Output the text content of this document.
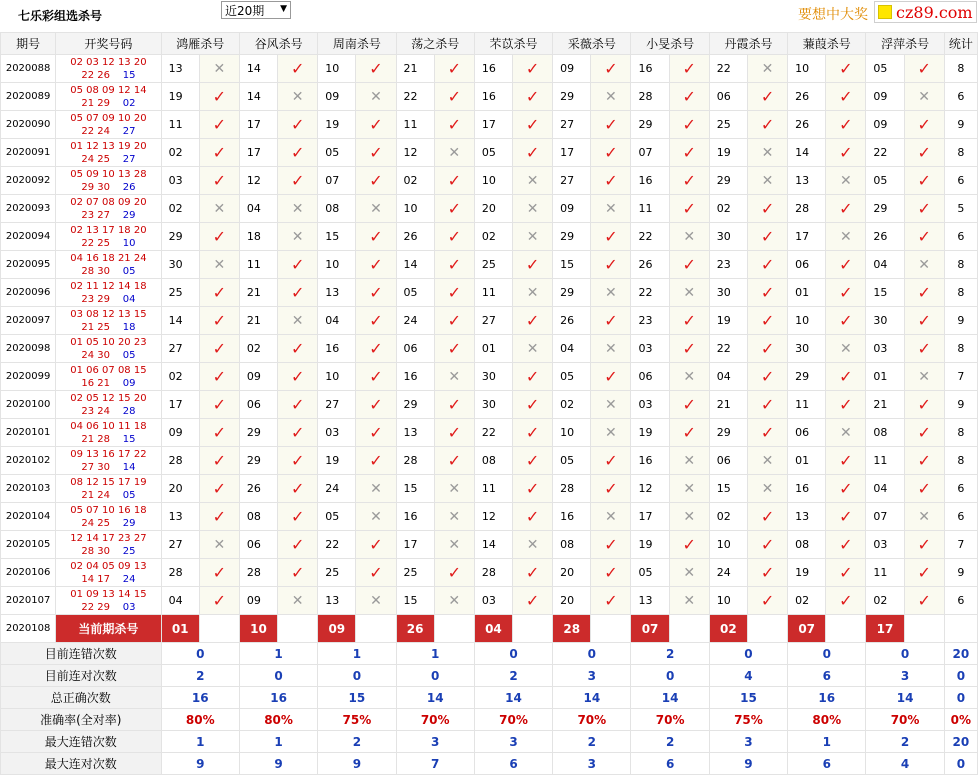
七乐彩组选杀号	近20期 ▼	要想中大奖 cz89.com
期号	开奖号码	鸿雁杀号		谷风杀号		周南杀号		荡之杀号		芣苡杀号		采薇杀号		小旻杀号		丹霞杀号		蒹葭杀号		浮萍杀号		统计
2020088	02 03 12 13 20
22 26 15	13	✕	14	✓	10	✓	21	✓	16	✓	09	✓	16	✓	22	✕	10	✓	05	✓	8
2020089	05 08 09 12 14
21 29 02	19	✓	14	✕	09	✕	22	✓	16	✓	29	✕	28	✓	06	✓	26	✓	09	✕	6
2020090	05 07 09 10 20
22 24 27	11	✓	17	✓	19	✓	11	✓	17	✓	27	✓	29	✓	25	✓	26	✓	09	✓	9
2020091	01 12 13 19 20
24 25 27	02	✓	17	✓	05	✓	12	✕	05	✓	17	✓	07	✓	19	✕	14	✓	22	✓	8
2020092	05 09 10 13 28
29 30 26	03	✓	12	✓	07	✓	02	✓	10	✕	27	✓	16	✓	29	✕	13	✕	05	✓	6
2020093	02 07 08 09 20
23 27 29	02	✕	04	✕	08	✕	10	✓	20	✕	09	✕	11	✓	02	✓	28	✓	29	✓	5
2020094	02 13 17 18 20
22 25 10	29	✓	18	✕	15	✓	26	✓	02	✕	29	✓	22	✕	30	✓	17	✕	26	✓	6
2020095	04 16 18 21 24
28 30 05	30	✕	11	✓	10	✓	14	✓	25	✓	15	✓	26	✓	23	✓	06	✓	04	✕	8
2020096	02 11 12 14 18
23 29 04	25	✓	21	✓	13	✓	05	✓	11	✕	29	✕	22	✕	30	✓	01	✓	15	✓	8
2020097	03 08 12 13 15
21 25 18	14	✓	21	✕	04	✓	24	✓	27	✓	26	✓	23	✓	19	✓	10	✓	30	✓	9
2020098	01 05 10 20 23
24 30 05	27	✓	02	✓	16	✓	06	✓	01	✕	04	✕	03	✓	22	✓	30	✕	03	✓	8
2020099	01 06 07 08 15
16 21 09	02	✓	09	✓	10	✓	16	✕	30	✓	05	✓	06	✕	04	✓	29	✓	01	✕	7
2020100	02 05 12 15 20
23 24 28	17	✓	06	✓	27	✓	29	✓	30	✓	02	✕	03	✓	21	✓	11	✓	21	✓	9
2020101	04 06 10 11 18
21 28 15	09	✓	29	✓	03	✓	13	✓	22	✓	10	✕	19	✓	29	✓	06	✕	08	✓	8
2020102	09 13 16 17 22
27 30 14	28	✓	29	✓	19	✓	28	✓	08	✓	05	✓	16	✕	06	✕	01	✓	11	✓	8
2020103	08 12 15 17 19
21 24 05	20	✓	26	✓	24	✕	15	✕	11	✓	28	✓	12	✕	15	✕	16	✓	04	✓	6
2020104	05 07 10 16 18
24 25 29	13	✓	08	✓	05	✕	16	✕	12	✓	16	✕	17	✕	02	✓	13	✓	07	✕	6
2020105	12 14 17 23 27
28 30 25	27	✕	06	✓	22	✓	17	✕	14	✕	08	✓	19	✓	10	✓	08	✓	03	✓	7
2020106	02 04 05 09 13
14 17 24	28	✓	28	✓	25	✓	25	✓	28	✓	20	✓	05	✕	24	✓	19	✓	11	✓	9
2020107	01 09 13 14 15
22 29 03	04	✓	09	✕	13	✕	15	✕	03	✓	20	✓	13	✕	10	✓	02	✓	02	✓	6
2020108	当前期杀号	01		10		09		26		04		28		07		02		07		17		
目前连错次数		0		1		1		1		0		0		2		0		0		0		20
目前连对次数		2		0		0		0		2		3		0		4		6		3		0
总正确次数		16		16		15		14		14		14		14		15		16		14		0
准确率(全对率)		80%		80%		75%		70%		70%		70%		70%		75%		80%		70%		0%
最大连错次数		1		1		2		3		3		2		2		3		1		2		20
最大连对次数		9		9		9		7		6		3		6		9		6		4		0
